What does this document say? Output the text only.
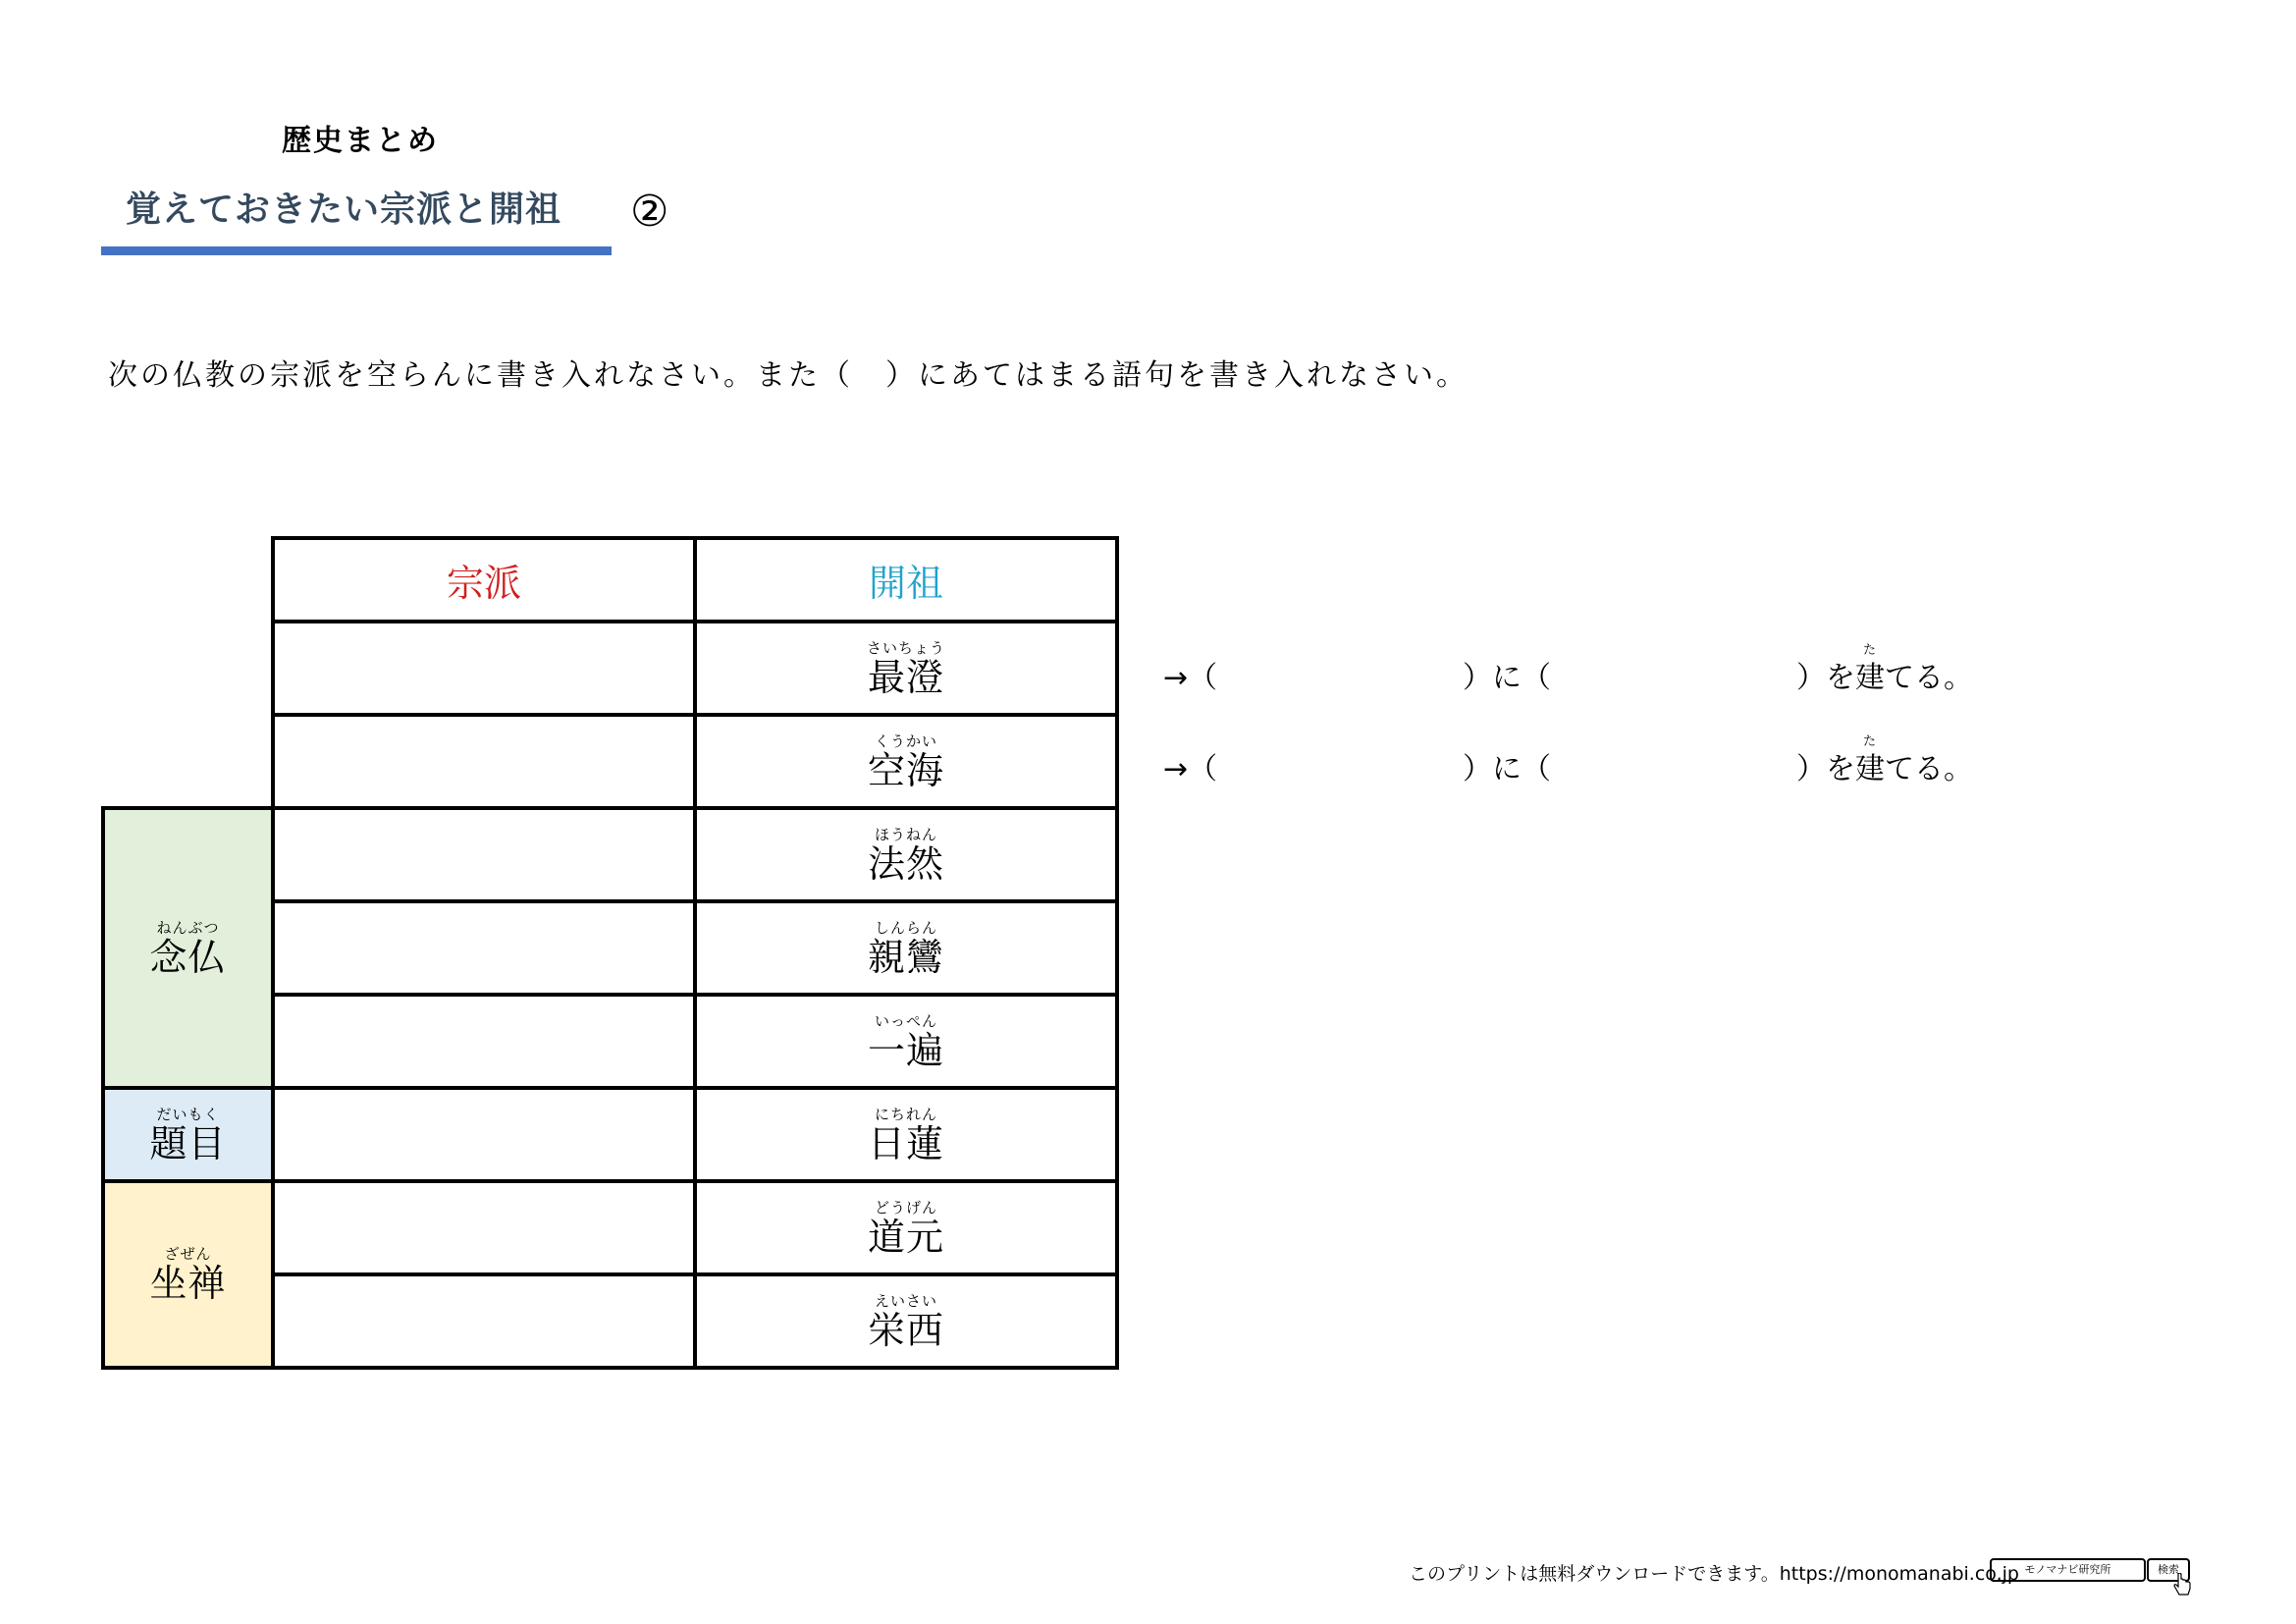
歴史まとめ
覚えておきたい宗派と開祖 ②
次の仏教の宗派を空らんに書き入れなさい。また（　）にあてはまる語句を書き入れなさい。
	宗派	開祖

		さいちょう
最澄

		くうかい
空海

ねんぶつ
念仏		ほうねん
法然

		しんらん
親鸞

		いっぺん
一遍

だいもく
題目		にちれん
日蓮

ざぜん
坐禅		どうげん
道元

		えいさい
栄西
→（	）に（	）を
た
建てる。
→（	）に（	）を
た
建てる。
このプリントは無料ダウンロードできます。https://monomanabi.co.jp モノマナビ研究所	検索
